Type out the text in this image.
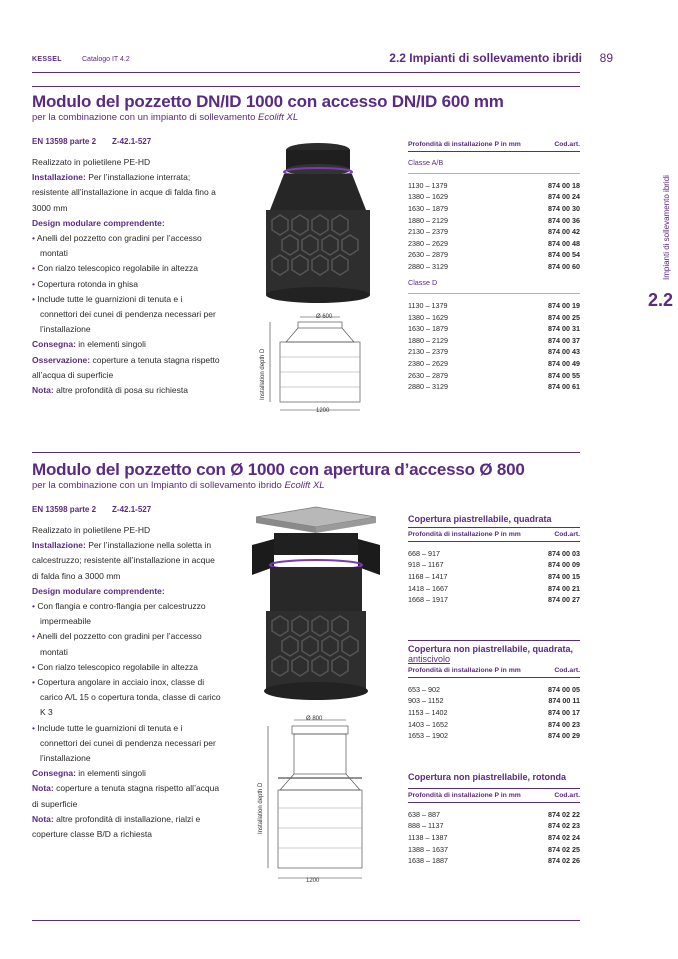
KESSEL	Catalogo IT 4.2	2.2 Impianti di sollevamento ibridi 89
Impianti di sollevamento ibridi
2.2
Modulo del pozzetto DN/ID 1000 con accesso DN/ID 600 mm
per la combinazione con un impianto di sollevamento Ecolift XL
EN 13598 parte 2 Z-42.1-527
Realizzato in polietilene PE-HD
Installazione: Per l’installazione interrata; resistente all’installazione in acque di falda fino a 3000 mm
Design modulare comprendente:
• Anelli del pozzetto con gradini per l’accesso montati
• Con rialzo telescopico regolabile in altezza
• Copertura rotonda in ghisa
• Include tutte le guarnizioni di tenuta e i connettori dei cunei di pendenza necessari per l’installazione
Consegna: in elementi singoli
Osservazione: coperture a tenuta stagna rispetto all’acqua di superficie
Nota: altre profondità di posa su richiesta
Ø 600
1200
Installation depth D
Profondità di installazione P in mm	Cod.art.
Classe A/B	

1130 – 1379	874 00 18
1380 – 1629	874 00 24
1630 – 1879	874 00 30
1880 – 2129	874 00 36
2130 – 2379	874 00 42
2380 – 2629	874 00 48
2630 – 2879	874 00 54
2880 – 3129	874 00 60
Classe D	

1130 – 1379	874 00 19
1380 – 1629	874 00 25
1630 – 1879	874 00 31
1880 – 2129	874 00 37
2130 – 2379	874 00 43
2380 – 2629	874 00 49
2630 – 2879	874 00 55
2880 – 3129	874 00 61
Modulo del pozzetto con Ø 1000 con apertura d’accesso Ø 800
per la combinazione con un Impianto di sollevamento ibrido Ecolift XL
EN 13598 parte 2 Z-42.1-527
Realizzato in polietilene PE-HD
Installazione: Per l’installazione nella soletta in calcestruzzo; resistente all’installazione in acque di falda fino a 3000 mm
Design modulare comprendente:
• Con flangia e contro-flangia per calcestruzzo impermeabile
• Anelli del pozzetto con gradini per l’accesso montati
• Con rialzo telescopico regolabile in altezza
• Copertura angolare in acciaio inox, classe di carico A/L 15 o copertura tonda, classe di carico K 3
• Include tutte le guarnizioni di tenuta e i connettori dei cunei di pendenza necessari per l’installazione
Consegna: in elementi singoli
Nota: coperture a tenuta stagna rispetto all’acqua di superficie
Nota: altre profondità di installazione, rialzi e coperture classe B/D a richiesta
Ø 800
1200
Installation depth D
Copertura piastrellabile, quadrata
Profondità di installazione P in mm	Cod.art.

668 – 917	874 00 03
918 – 1167	874 00 09
1168 – 1417	874 00 15
1418 – 1667	874 00 21
1668 – 1917	874 00 27
Copertura non piastrellabile, quadrata,
antiscivolo
Profondità di installazione P in mm	Cod.art.

653 – 902	874 00 05
903 – 1152	874 00 11
1153 – 1402	874 00 17
1403 – 1652	874 00 23
1653 – 1902	874 00 29
Copertura non piastrellabile, rotonda
Profondità di installazione P in mm	Cod.art.

638 – 887	874 02 22
888 – 1137	874 02 23
1138 – 1387	874 02 24
1388 – 1637	874 02 25
1638 – 1887	874 02 26
